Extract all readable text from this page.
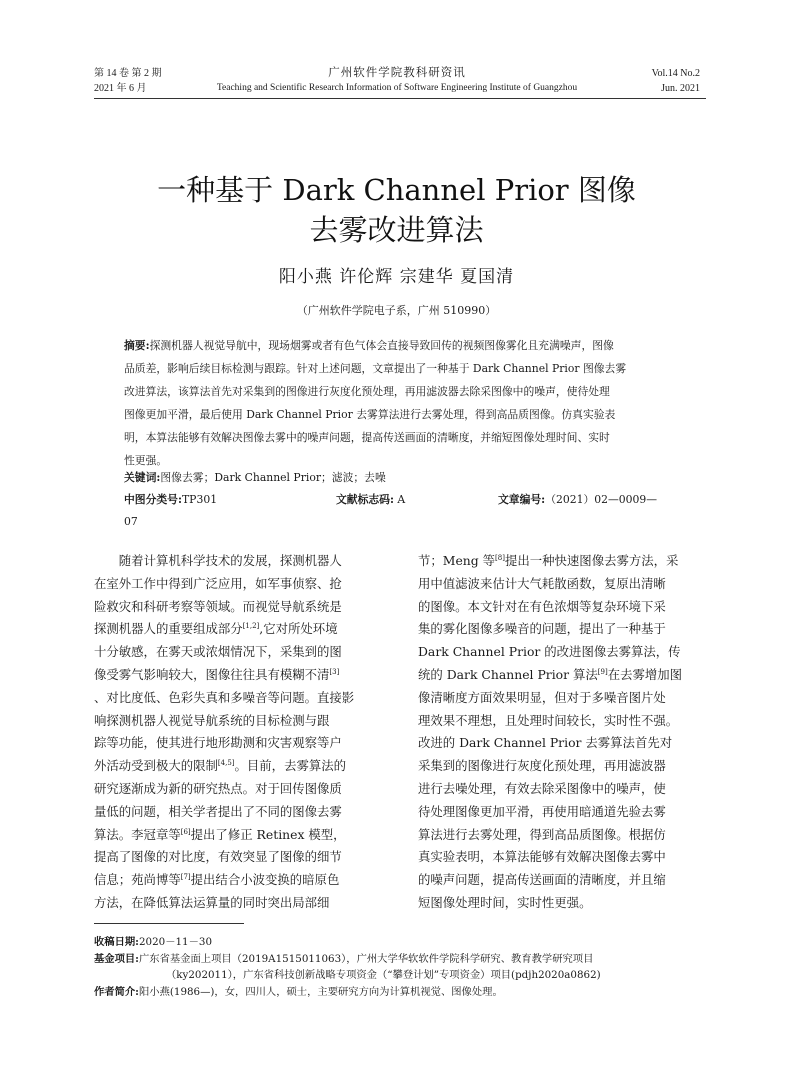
第 14 卷 第 2 期
2021 年 6 月
广州软件学院教科研资讯
Teaching and Scientific Research Information of Software Engineering Institute of Guangzhou
Vol.14 No.2
Jun. 2021
一种基于 Dark Channel Prior 图像
去雾改进算法
阳小燕 许伦辉 宗建华 夏国清
（广州软件学院电子系，广州 510990）
摘要:探测机器人视觉导航中，现场烟雾或者有色气体会直接导致回传的视频图像雾化且充满噪声，图像
品质差，影响后续目标检测与跟踪。针对上述问题，文章提出了一种基于 Dark Channel Prior 图像去雾
改进算法，该算法首先对采集到的图像进行灰度化预处理，再用滤波器去除采图像中的噪声，使待处理
图像更加平滑，最后使用 Dark Channel Prior 去雾算法进行去雾处理，得到高品质图像。仿真实验表
明，本算法能够有效解决图像去雾中的噪声问题，提高传送画面的清晰度，并缩短图像处理时间、实时
性更强。
关键词:图像去雾；Dark Channel Prior；滤波；去噪
中图分类号:TP301	文献标志码: A	文章编号:（2021）02—0009—
07

随着计算机科学技术的发展，探测机器人

在室外工作中得到广泛应用，如军事侦察、抢

险救灾和科研考察等领域。而视觉导航系统是

探测机器人的重要组成部分[1,2],它对所处环境

十分敏感，在雾天或浓烟情况下，采集到的图

像受雾气影响较大，图像往往具有模糊不清[3]

、对比度低、色彩失真和多噪音等问题。直接影

响探测机器人视觉导航系统的目标检测与跟

踪等功能，使其进行地形勘测和灾害观察等户

外活动受到极大的限制[4,5]。目前，去雾算法的

研究逐渐成为新的研究热点。对于回传图像质

量低的问题，相关学者提出了不同的图像去雾

算法。李冠章等[6]提出了修正 Retinex 模型，

提高了图像的对比度，有效突显了图像的细节

信息；苑尚博等[7]提出结合小波变换的暗原色

方法，在降低算法运算量的同时突出局部细

节；Meng 等[8]提出一种快速图像去雾方法，采

用中值滤波来估计大气耗散函数，复原出清晰

的图像。本文针对在有色浓烟等复杂环境下采

集的雾化图像多噪音的问题，提出了一种基于

Dark Channel Prior 的改进图像去雾算法，传

统的 Dark Channel Prior 算法[9]在去雾增加图

像清晰度方面效果明显，但对于多噪音图片处

理效果不理想，且处理时间较长，实时性不强。

改进的 Dark Channel Prior 去雾算法首先对

采集到的图像进行灰度化预处理，再用滤波器

进行去噪处理，有效去除采图像中的噪声，使

待处理图像更加平滑，再使用暗通道先验去雾

算法进行去雾处理，得到高品质图像。根据仿

真实验表明，本算法能够有效解决图像去雾中

的噪声问题，提高传送画面的清晰度，并且缩

短图像处理时间，实时性更强。

收稿日期:2020－11－30
基金项目:广东省基金面上项目（2019A1515011063），广州大学华软软件学院科学研究、教育教学研究项目
（ky202011），广东省科技创新战略专项资金（“攀登计划”专项资金）项目(pdjh2020a0862)
作者简介:阳小燕(1986—)，女，四川人，硕士，主要研究方向为计算机视觉、图像处理。
